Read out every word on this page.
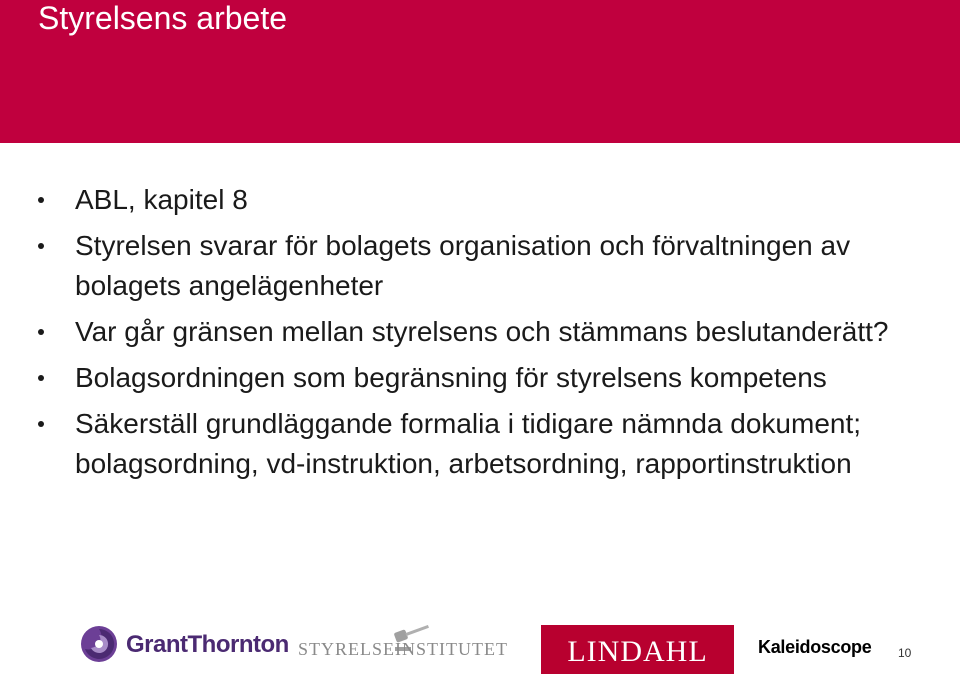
Styrelsens arbete
ABL, kapitel 8
Styrelsen svarar för bolagets organisation och förvaltningen av bolagets angelägenheter
Var går gränsen mellan styrelsens och stämmans beslutanderätt?
Bolagsordningen som begränsning för styrelsens kompetens
Säkerställ grundläggande formalia i tidigare nämnda dokument; bolagsordning, vd-instruktion, arbetsordning, rapportinstruktion
GrantThornton STYRELSEINSTITUTET	LINDAHL	Kaleidoscope 10
